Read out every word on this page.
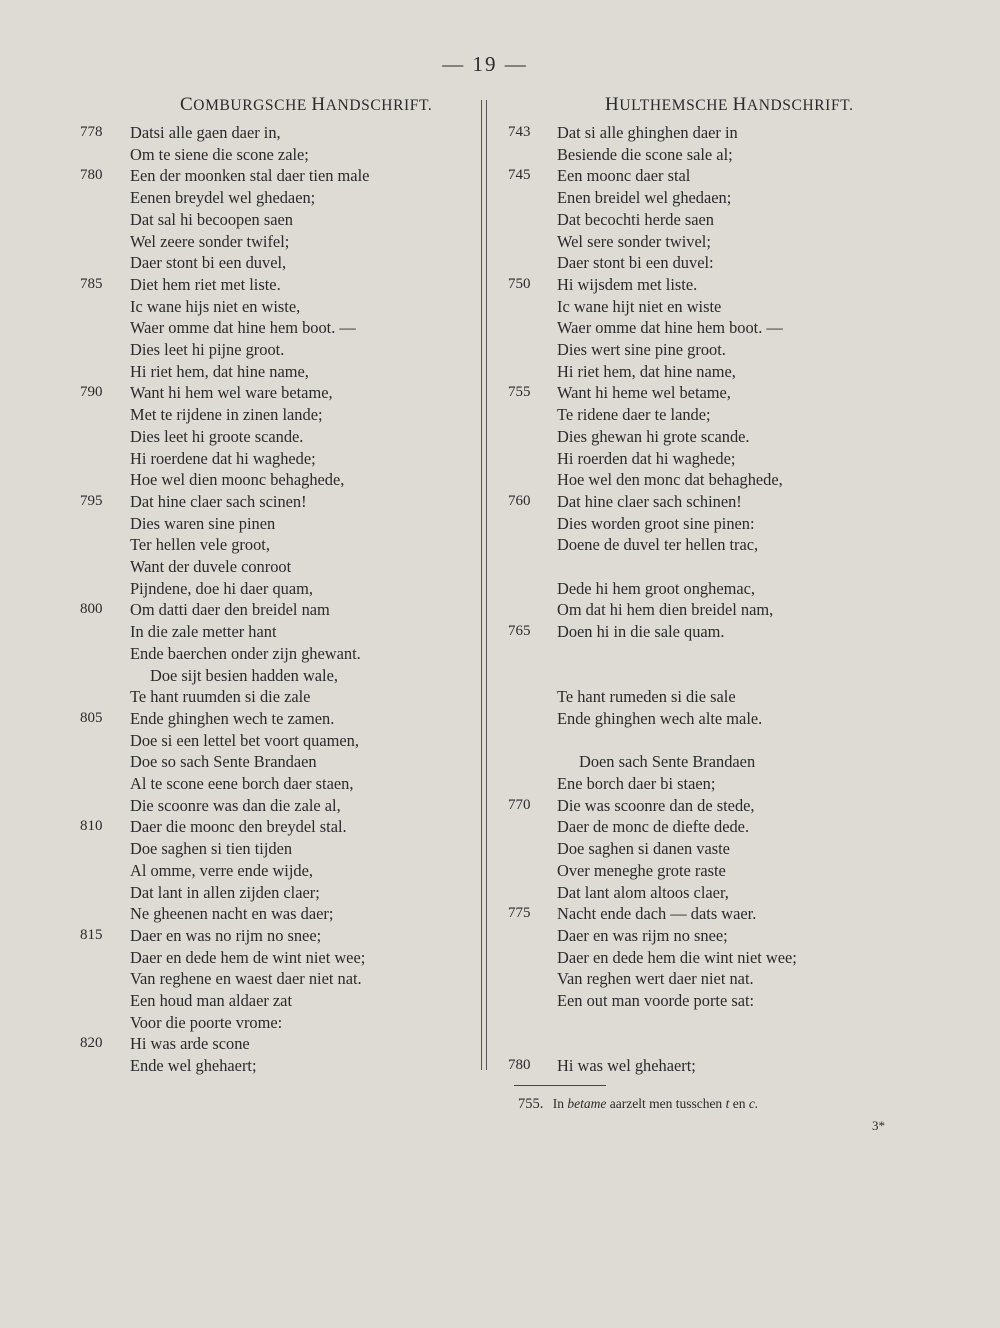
— 19 —
COMBURGSCHE HANDSCHRIFT.	HULTHEMSCHE HANDSCHRIFT.
778 Datsi alle gaen daer in,
Om te siene die scone zale;
780 Een der moonken stal daer tien male
Eenen breydel wel ghedaen;
Dat sal hi becoopen saen
Wel zeere sonder twifel;
Daer stont bi een duvel,
785 Diet hem riet met liste.
Ic wane hijs niet en wiste,
Waer omme dat hine hem boot. —
Dies leet hi pijne groot.
Hi riet hem, dat hine name,
790 Want hi hem wel ware betame,
Met te rijdene in zinen lande;
Dies leet hi groote scande.
Hi roerdene dat hi waghede;
Hoe wel dien moonc behaghede,
795 Dat hine claer sach scinen!
Dies waren sine pinen
Ter hellen vele groot,
Want der duvele conroot
Pijndene, doe hi daer quam,
800 Om datti daer den breidel nam
In die zale metter hant
Ende baerchen onder zijn ghewant.
Doe sijt besien hadden wale,
Te hant ruumden si die zale
805 Ende ghinghen wech te zamen.
Doe si een lettel bet voort quamen,
Doe so sach Sente Brandaen
Al te scone eene borch daer staen,
Die scoonre was dan die zale al,
810 Daer die moonc den breydel stal.
Doe saghen si tien tijden
Al omme, verre ende wijde,
Dat lant in allen zijden claer;
Ne gheenen nacht en was daer;
815 Daer en was no rijm no snee;
Daer en dede hem de wint niet wee;
Van reghene en waest daer niet nat.
Een houd man aldaer zat
Voor die poorte vrome:
820 Hi was arde scone
Ende wel ghehaert;
743 Dat si alle ghinghen daer in
Besiende die scone sale al;
745 Een moonc daer stal
Enen breidel wel ghedaen;
Dat becochti herde saen
Wel sere sonder twivel;
Daer stont bi een duvel:
750 Hi wijsdem met liste.
Ic wane hijt niet en wiste
Waer omme dat hine hem boot. —
Dies wert sine pine groot.
Hi riet hem, dat hine name,
755 Want hi heme wel betame,
Te ridene daer te lande;
Dies ghewan hi grote scande.
Hi roerden dat hi waghede;
Hoe wel den monc dat behaghede,
760 Dat hine claer sach schinen!
Dies worden groot sine pinen:
Doene de duvel ter hellen trac,
Dede hi hem groot onghemac,
Om dat hi hem dien breidel nam,
765 Doen hi in die sale quam.
Te hant rumeden si die sale
Ende ghinghen wech alte male.
Doen sach Sente Brandaen
Ene borch daer bi staen;
770 Die was scoonre dan de stede,
Daer de monc de diefte dede.
Doe saghen si danen vaste
Over meneghe grote raste
Dat lant alom altoos claer,
775 Nacht ende dach — dats waer.
Daer en was rijm no snee;
Daer en dede hem die wint niet wee;
Van reghen wert daer niet nat.
Een out man voorde porte sat:
780 Hi was wel ghehaert;
755. In betame aarzelt men tusschen t en c.
3*
